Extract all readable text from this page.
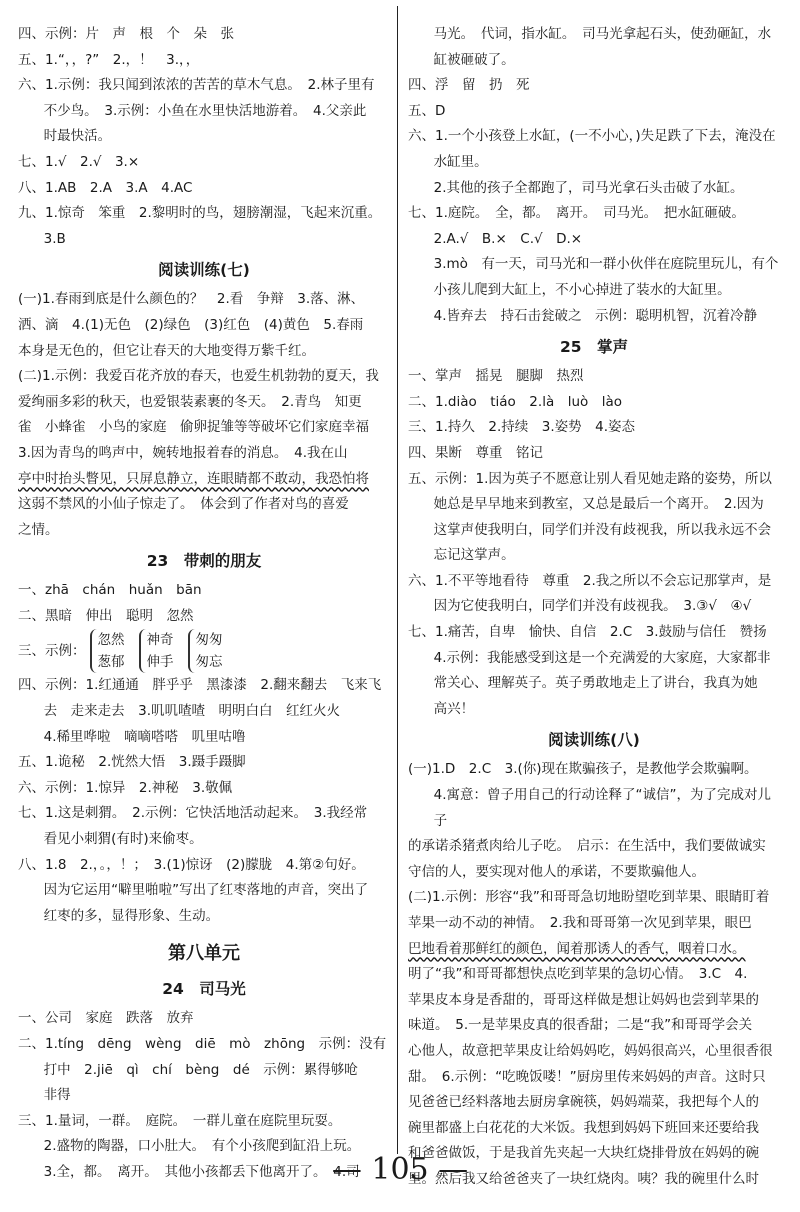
四、示例：片　声　根　个　朵　张
五、1.“，，?”　2.，！　3.，，
六、1.示例：我只闻到浓浓的苦苦的草木气息。　2.林子里有
不少鸟。　3.示例：小鱼在水里快活地游着。　4.父亲此
时最快活。
七、1.√　2.√　3.×
八、1.AB　2.A　3.A　4.AC
九、1.惊奇　笨重　2.黎明时的鸟，翅膀潮湿，飞起来沉重。
3.B
阅读训练(七)
(一)1.春雨到底是什么颜色的？　2.看　争辩　3.落、淋、
洒、滴　4.(1)无色　(2)绿色　(3)红色　(4)黄色　5.春雨
本身是无色的，但它让春天的大地变得万紫千红。
(二)1.示例：我爱百花齐放的春天，也爱生机勃勃的夏天，我
爱绚丽多彩的秋天，也爱银装素裹的冬天。　2.青鸟　知更
雀　小蜂雀　小鸟的家庭　偷卵捉雏等等破坏它们家庭幸福
3.因为青鸟的鸣声中，婉转地报着春的消息。　4.我在山
亭中时抬头瞥见，只屏息静立，连眼睛都不敢动，我恐怕将
这弱不禁风的小仙子惊走了。　体会到了作者对鸟的喜爱
之情。
23　带刺的朋友
一、zhā　chán　huǎn　bān
二、黑暗　伸出　聪明　忽然
三、示例：
忽然
葱郁
神奇
伸手
匆匆
匆忘
四、示例：1.红通通　胖乎乎　黑漆漆　2.翻来翻去　飞来飞
去　走来走去　3.叽叽喳喳　明明白白　红红火火
4.稀里哗啦　嘀嘀嗒嗒　叽里咕噜
五、1.诡秘　2.恍然大悟　3.蹑手蹑脚
六、示例：1.惊异　2.神秘　3.敬佩
七、1.这是刺猬。　2.示例：它快活地活动起来。　3.我经常
看见小刺猬(有时)来偷枣。
八、1.8　2.，。，！；　3.(1)惊讶　(2)朦胧　4.第②句好。
因为它运用“噼里啪啦”写出了红枣落地的声音，突出了
红枣的多，显得形象、生动。
第八单元
24　司马光
一、公司　家庭　跌落　放弃
二、1.tíng　dēng　wèng　diē　mò　zhōng　示例：没有
打中　2.jiē　qì　chí　bèng　dé　示例：累得够呛
非得
三、1.量词，一群。　庭院。　一群儿童在庭院里玩耍。
2.盛物的陶器，口小肚大。　有个小孩爬到缸沿上玩。
3.全，都。　离开。　其他小孩都丢下他离开了。　4.司
马光。　代词，指水缸。　司马光拿起石头，使劲砸缸，水
缸被砸破了。
四、浮　留　扔　死
五、D
六、1.一个小孩登上水缸，(一不小心，)失足跌了下去，淹没在
水缸里。
2.其他的孩子全都跑了，司马光拿石头击破了水缸。
七、1.庭院。　全，都。　离开。　司马光。　把水缸砸破。
2.A.√　B.×　C.√　D.×
3.mò　有一天，司马光和一群小伙伴在庭院里玩儿，有个
小孩儿爬到大缸上，不小心掉进了装水的大缸里。
4.皆弃去　持石击瓮破之　示例：聪明机智，沉着冷静
25　掌声
一、掌声　摇晃　腿脚　热烈
二、1.diào　tiáo　2.là　luò　lào
三、1.持久　2.持续　3.姿势　4.姿态
四、果断　尊重　铭记
五、示例：1.因为英子不愿意让别人看见她走路的姿势，所以
她总是早早地来到教室，又总是最后一个离开。　2.因为
这掌声使我明白，同学们并没有歧视我，所以我永远不会
忘记这掌声。
六、1.不平等地看待　尊重　2.我之所以不会忘记那掌声，是
因为它使我明白，同学们并没有歧视我。　3.③√　④√
七、1.痛苦，自卑　愉快、自信　2.C　3.鼓励与信任　赞扬
4.示例：我能感受到这是一个充满爱的大家庭，大家都非
常关心、理解英子。英子勇敢地走上了讲台，我真为她
高兴！
阅读训练(八)
(一)1.D　2.C　3.(你)现在欺骗孩子，是教他学会欺骗啊。
4.寓意：曾子用自己的行动诠释了“诚信”，为了完成对儿子
的承诺杀猪煮肉给儿子吃。　启示：在生活中，我们要做诚实
守信的人，要实现对他人的承诺，不要欺骗他人。
(二)1.示例：形容“我”和哥哥急切地盼望吃到苹果、眼睛盯着
苹果一动不动的神情。　2.我和哥哥第一次见到苹果，眼巴
巴地看着那鲜红的颜色，闻着那诱人的香气，咽着口水。
明了“我”和哥哥都想快点吃到苹果的急切心情。　3.C　4.
苹果皮本身是香甜的，哥哥这样做是想让妈妈也尝到苹果的
味道。　5.一是苹果皮真的很香甜；二是“我”和哥哥学会关
心他人，故意把苹果皮让给妈妈吃，妈妈很高兴，心里很香很
甜。　6.示例：“吃晚饭喽！”厨房里传来妈妈的声音。这时只
见爸爸已经料落地去厨房拿碗筷，妈妈端菜，我把每个人的
碗里都盛上白花花的大米饭。我想到妈妈下班回来还要给我
和爸爸做饭，于是我首先夹起一大块红烧排骨放在妈妈的碗
里。然后我又给爸爸夹了一块红烧肉。咦？我的碗里什么时
— 105 —
